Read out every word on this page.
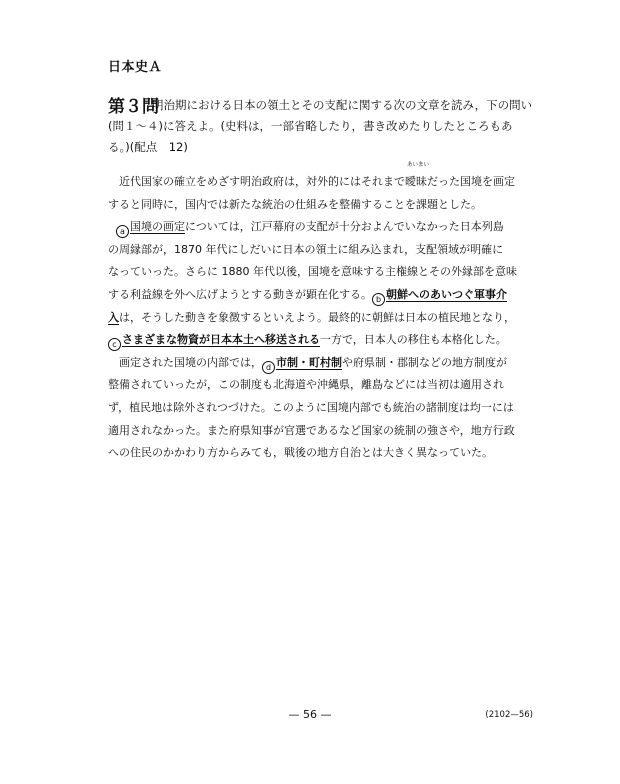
日本史Ａ
第３問
明治期における日本の領土とその支配に関する次の文章を読み，下の問い
(問１～４)に答えよ。(史料は，一部省略したり，書き改めたりしたところもあ
る。)(配点　12)
近代国家の確立をめざす明治政府は，対外的にはそれまで
あいまい
曖昧だった国境を画定
すると同時に，国内では新たな統治の仕組みを整備することを課題とした。
a 国境の画定については，江戸幕府の支配が十分およんでいなかった日本列島
の周縁部が，1870 年代にしだいに日本の領土に組み込まれ，支配領域が明確に
なっていった。さらに 1880 年代以後，国境を意味する主権線とその外縁部を意味
する利益線を外へ広げようとする動きが顕在化する。 b 朝鮮へのあいつぐ軍事介
入は，そうした動きを象徴するといえよう。最終的に朝鮮は日本の植民地となり，
c さまざまな物資が日本本土へ移送される一方で，日本人の移住も本格化した。
画定された国境の内部では， d 市制・町村制や府県制・郡制などの地方制度が
整備されていったが，この制度も北海道や沖縄県，離島などには当初は適用され
ず，植民地は除外されつづけた。このように国境内部でも統治の諸制度は均一には
適用されなかった。また府県知事が官選であるなど国家の統制の強さや，地方行政
への住民のかかわり方からみても，戦後の地方自治とは大きく異なっていた。
— 56 —	(2102—56)
